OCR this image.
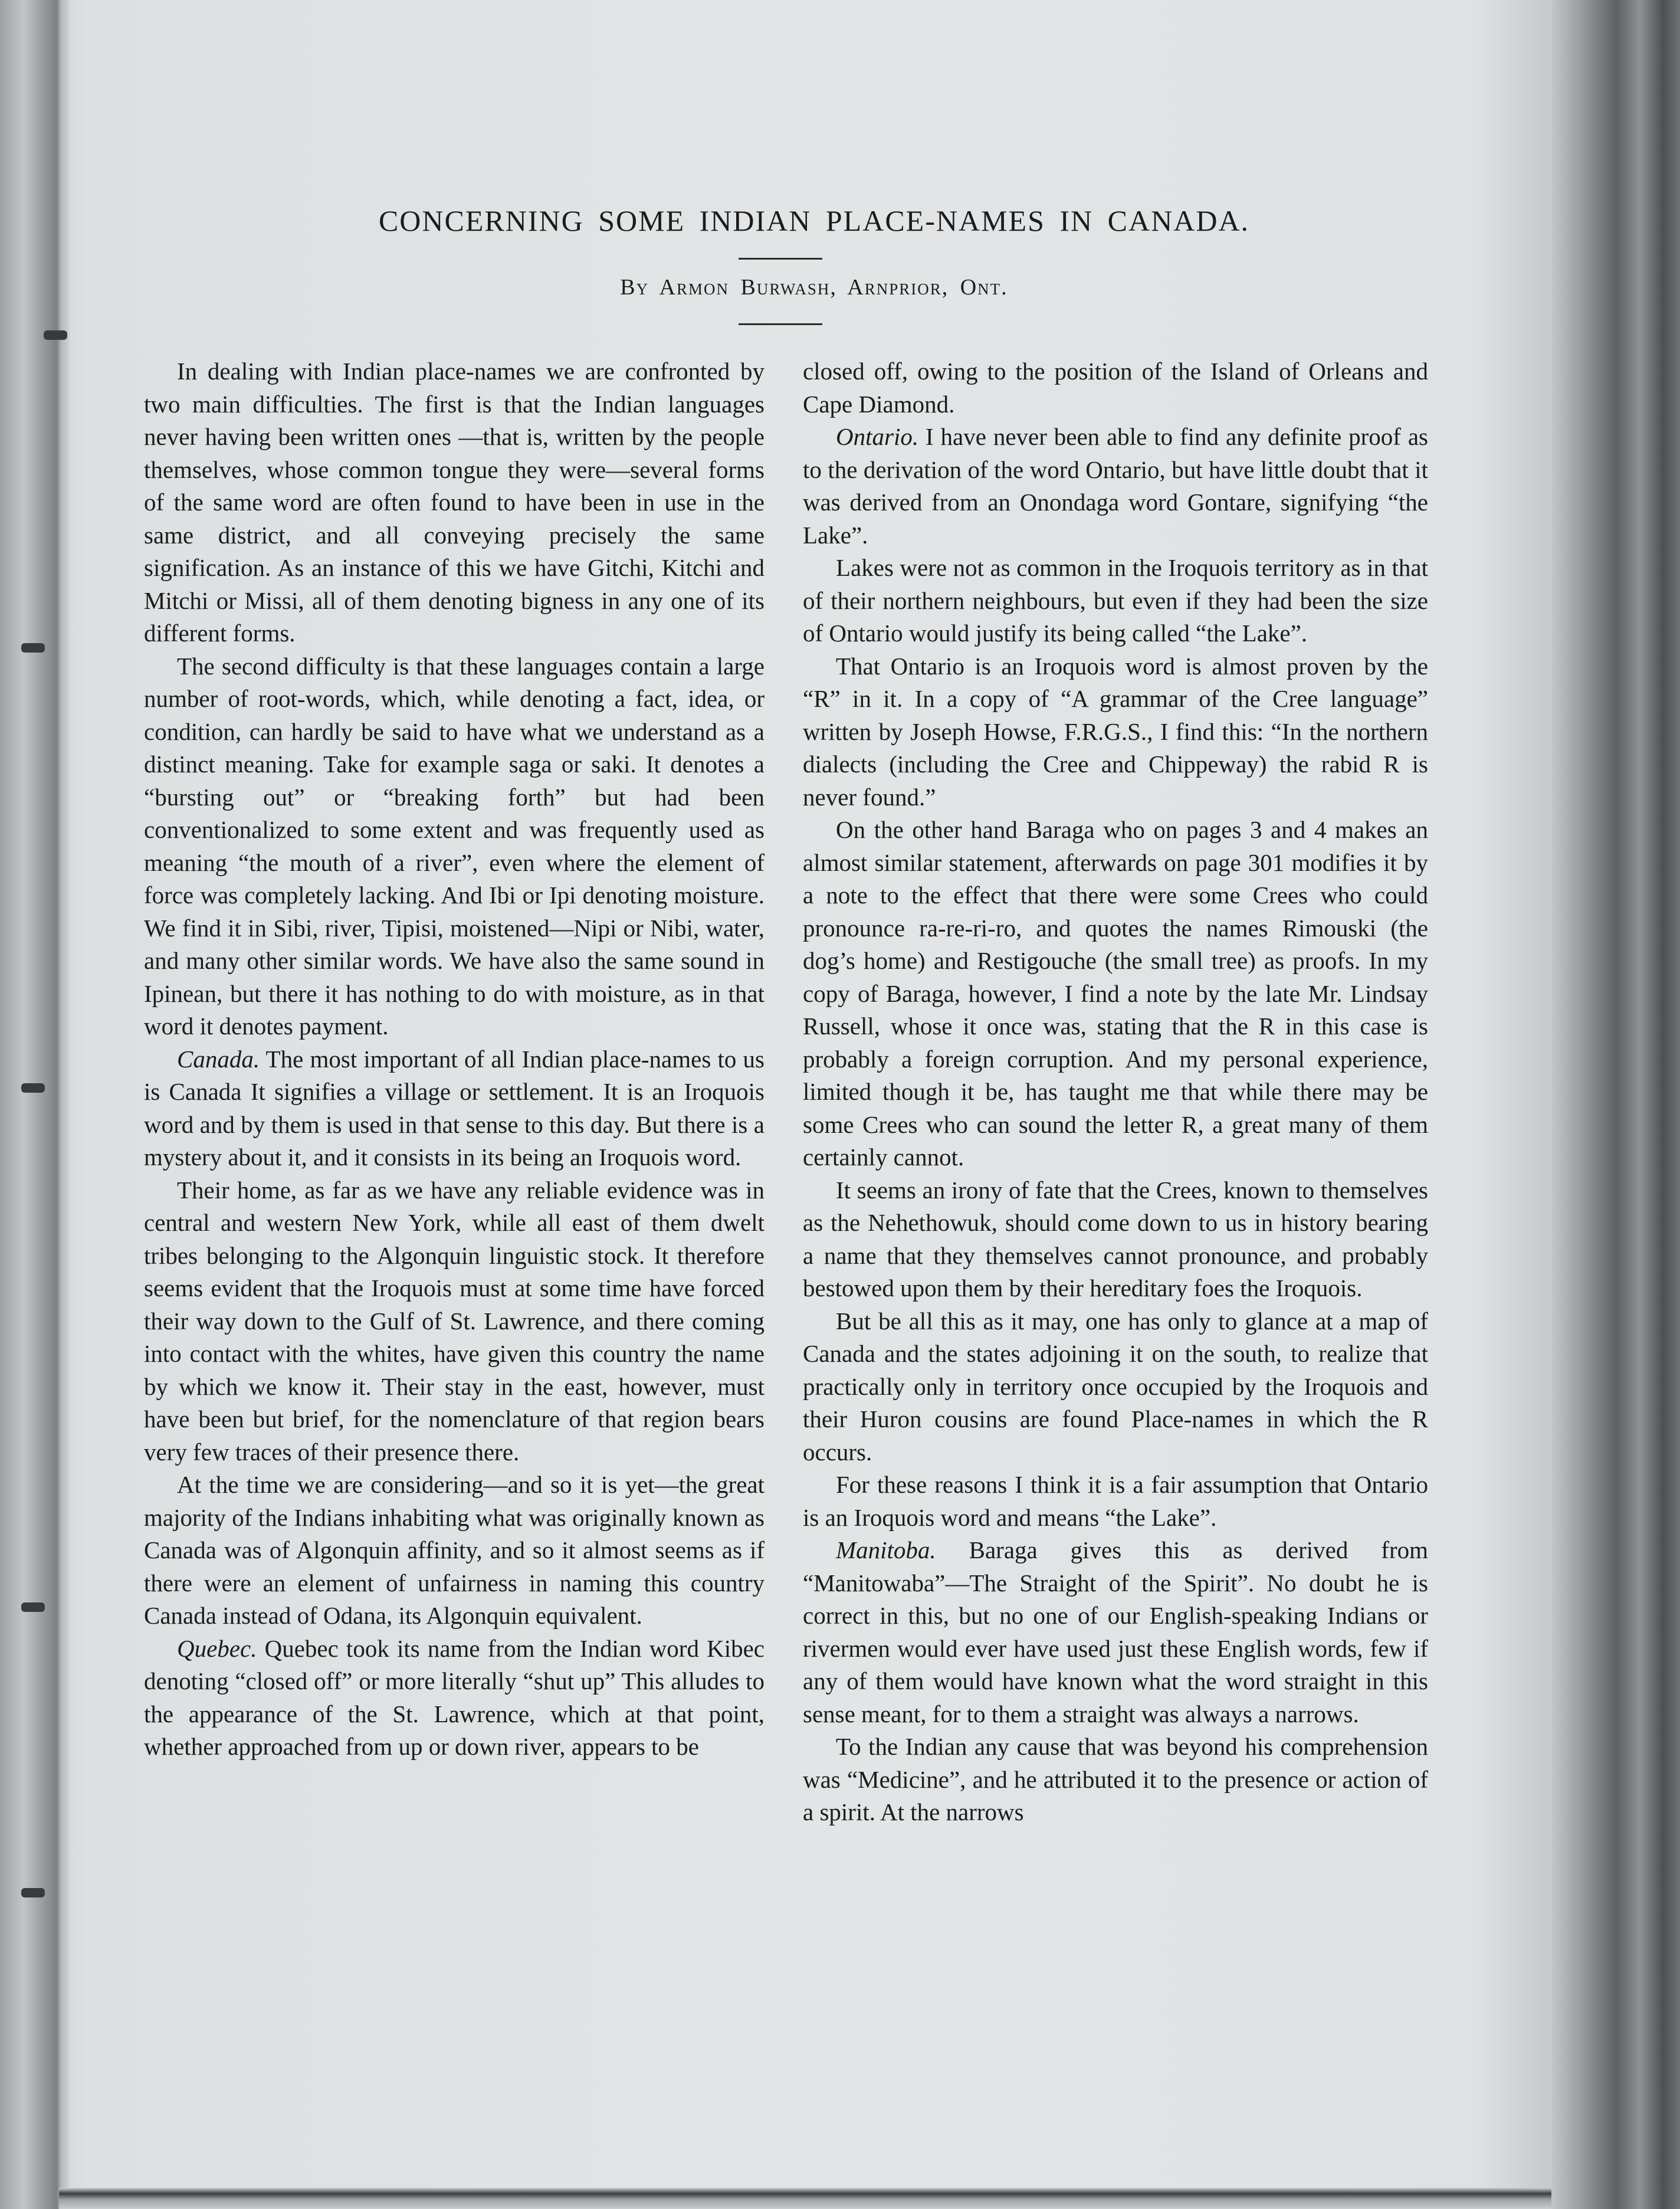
CONCERNING SOME INDIAN PLACE-NAMES IN CANADA.
By Armon Burwash, Arnprior, Ont.

In dealing with Indian place-names we are confronted by two main difficulties. The first is that the Indian languages never having been written ones —that is, written by the people themselves, whose common tongue they were—several forms of the same word are often found to have been in use in the same district, and all conveying precisely the same signification. As an instance of this we have Gitchi, Kitchi and Mitchi or Missi, all of them denoting bigness in any one of its different forms.

The second difficulty is that these languages contain a large number of root-words, which, while denoting a fact, idea, or condition, can hardly be said to have what we understand as a distinct meaning. Take for example saga or saki. It denotes a “bursting out” or “breaking forth” but had been conventionalized to some extent and was frequently used as meaning “the mouth of a river”, even where the element of force was completely lacking. And Ibi or Ipi denoting moisture. We find it in Sibi, river, Tipisi, moistened—Nipi or Nibi, water, and many other similar words. We have also the same sound in Ipinean, but there it has nothing to do with moisture, as in that word it denotes payment.

Canada. The most important of all Indian place-names to us is Canada It signifies a village or settlement. It is an Iroquois word and by them is used in that sense to this day. But there is a mystery about it, and it consists in its being an Iroquois word.

Their home, as far as we have any reliable evidence was in central and western New York, while all east of them dwelt tribes belonging to the Algonquin linguistic stock. It therefore seems evident that the Iroquois must at some time have forced their way down to the Gulf of St. Lawrence, and there coming into contact with the whites, have given this country the name by which we know it. Their stay in the east, however, must have been but brief, for the nomenclature of that region bears very few traces of their presence there.

At the time we are considering—and so it is yet—the great majority of the Indians inhabiting what was originally known as Canada was of Algonquin affinity, and so it almost seems as if there were an element of unfairness in naming this country Canada instead of Odana, its Algonquin equivalent.

Quebec. Quebec took its name from the Indian word Kibec denoting “closed off” or more literally “shut up” This alludes to the appearance of the St. Lawrence, which at that point, whether approached from up or down river, appears to be

closed off, owing to the position of the Island of Orleans and Cape Diamond.

Ontario. I have never been able to find any definite proof as to the derivation of the word Ontario, but have little doubt that it was derived from an Onondaga word Gontare, signifying “the Lake”.

Lakes were not as common in the Iroquois territory as in that of their northern neighbours, but even if they had been the size of Ontario would justify its being called “the Lake”.

That Ontario is an Iroquois word is almost proven by the “R” in it. In a copy of “A grammar of the Cree language” written by Joseph Howse, F.R.G.S., I find this: “In the northern dialects (including the Cree and Chippeway) the rabid R is never found.”

On the other hand Baraga who on pages 3 and 4 makes an almost similar statement, afterwards on page 301 modifies it by a note to the effect that there were some Crees who could pronounce ra-re-ri-ro, and quotes the names Rimouski (the dog’s home) and Restigouche (the small tree) as proofs. In my copy of Baraga, however, I find a note by the late Mr. Lindsay Russell, whose it once was, stating that the R in this case is probably a foreign corruption. And my personal experience, limited though it be, has taught me that while there may be some Crees who can sound the letter R, a great many of them certainly cannot.

It seems an irony of fate that the Crees, known to themselves as the Nehethowuk, should come down to us in history bearing a name that they themselves cannot pronounce, and probably bestowed upon them by their hereditary foes the Iroquois.

But be all this as it may, one has only to glance at a map of Canada and the states adjoining it on the south, to realize that practically only in territory once occupied by the Iroquois and their Huron cousins are found Place-names in which the R occurs.

For these reasons I think it is a fair assumption that Ontario is an Iroquois word and means “the Lake”.

Manitoba. Baraga gives this as derived from “Manitowaba”—The Straight of the Spirit”. No doubt he is correct in this, but no one of our English-speaking Indians or rivermen would ever have used just these English words, few if any of them would have known what the word straight in this sense meant, for to them a straight was always a narrows.

To the Indian any cause that was beyond his comprehension was “Medicine”, and he attributed it to the presence or action of a spirit. At the narrows
